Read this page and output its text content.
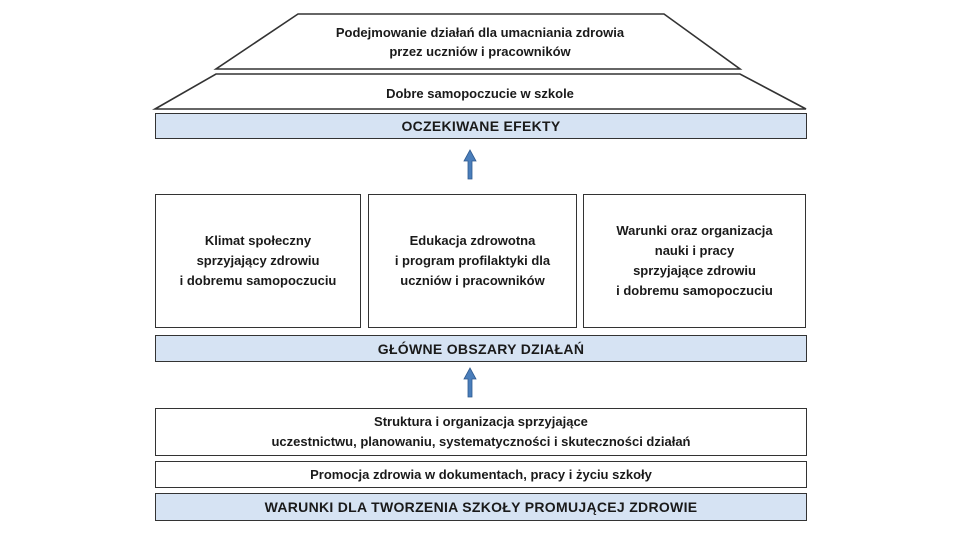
Podejmowanie działań dla umacniania zdrowia
przez uczniów i pracowników
Dobre samopoczucie w szkole
OCZEKIWANE EFEKTY
Klimat społeczny
sprzyjający zdrowiu
i dobremu samopoczuciu
Edukacja zdrowotna
i program profilaktyki dla
uczniów i pracowników
Warunki oraz organizacja
nauki i pracy
sprzyjające zdrowiu
i dobremu samopoczuciu
GŁÓWNE OBSZARY DZIAŁAŃ
Struktura i organizacja sprzyjające
uczestnictwu, planowaniu, systematyczności i skuteczności działań
Promocja zdrowia w dokumentach, pracy i życiu szkoły
WARUNKI DLA TWORZENIA SZKOŁY PROMUJĄCEJ ZDROWIE
